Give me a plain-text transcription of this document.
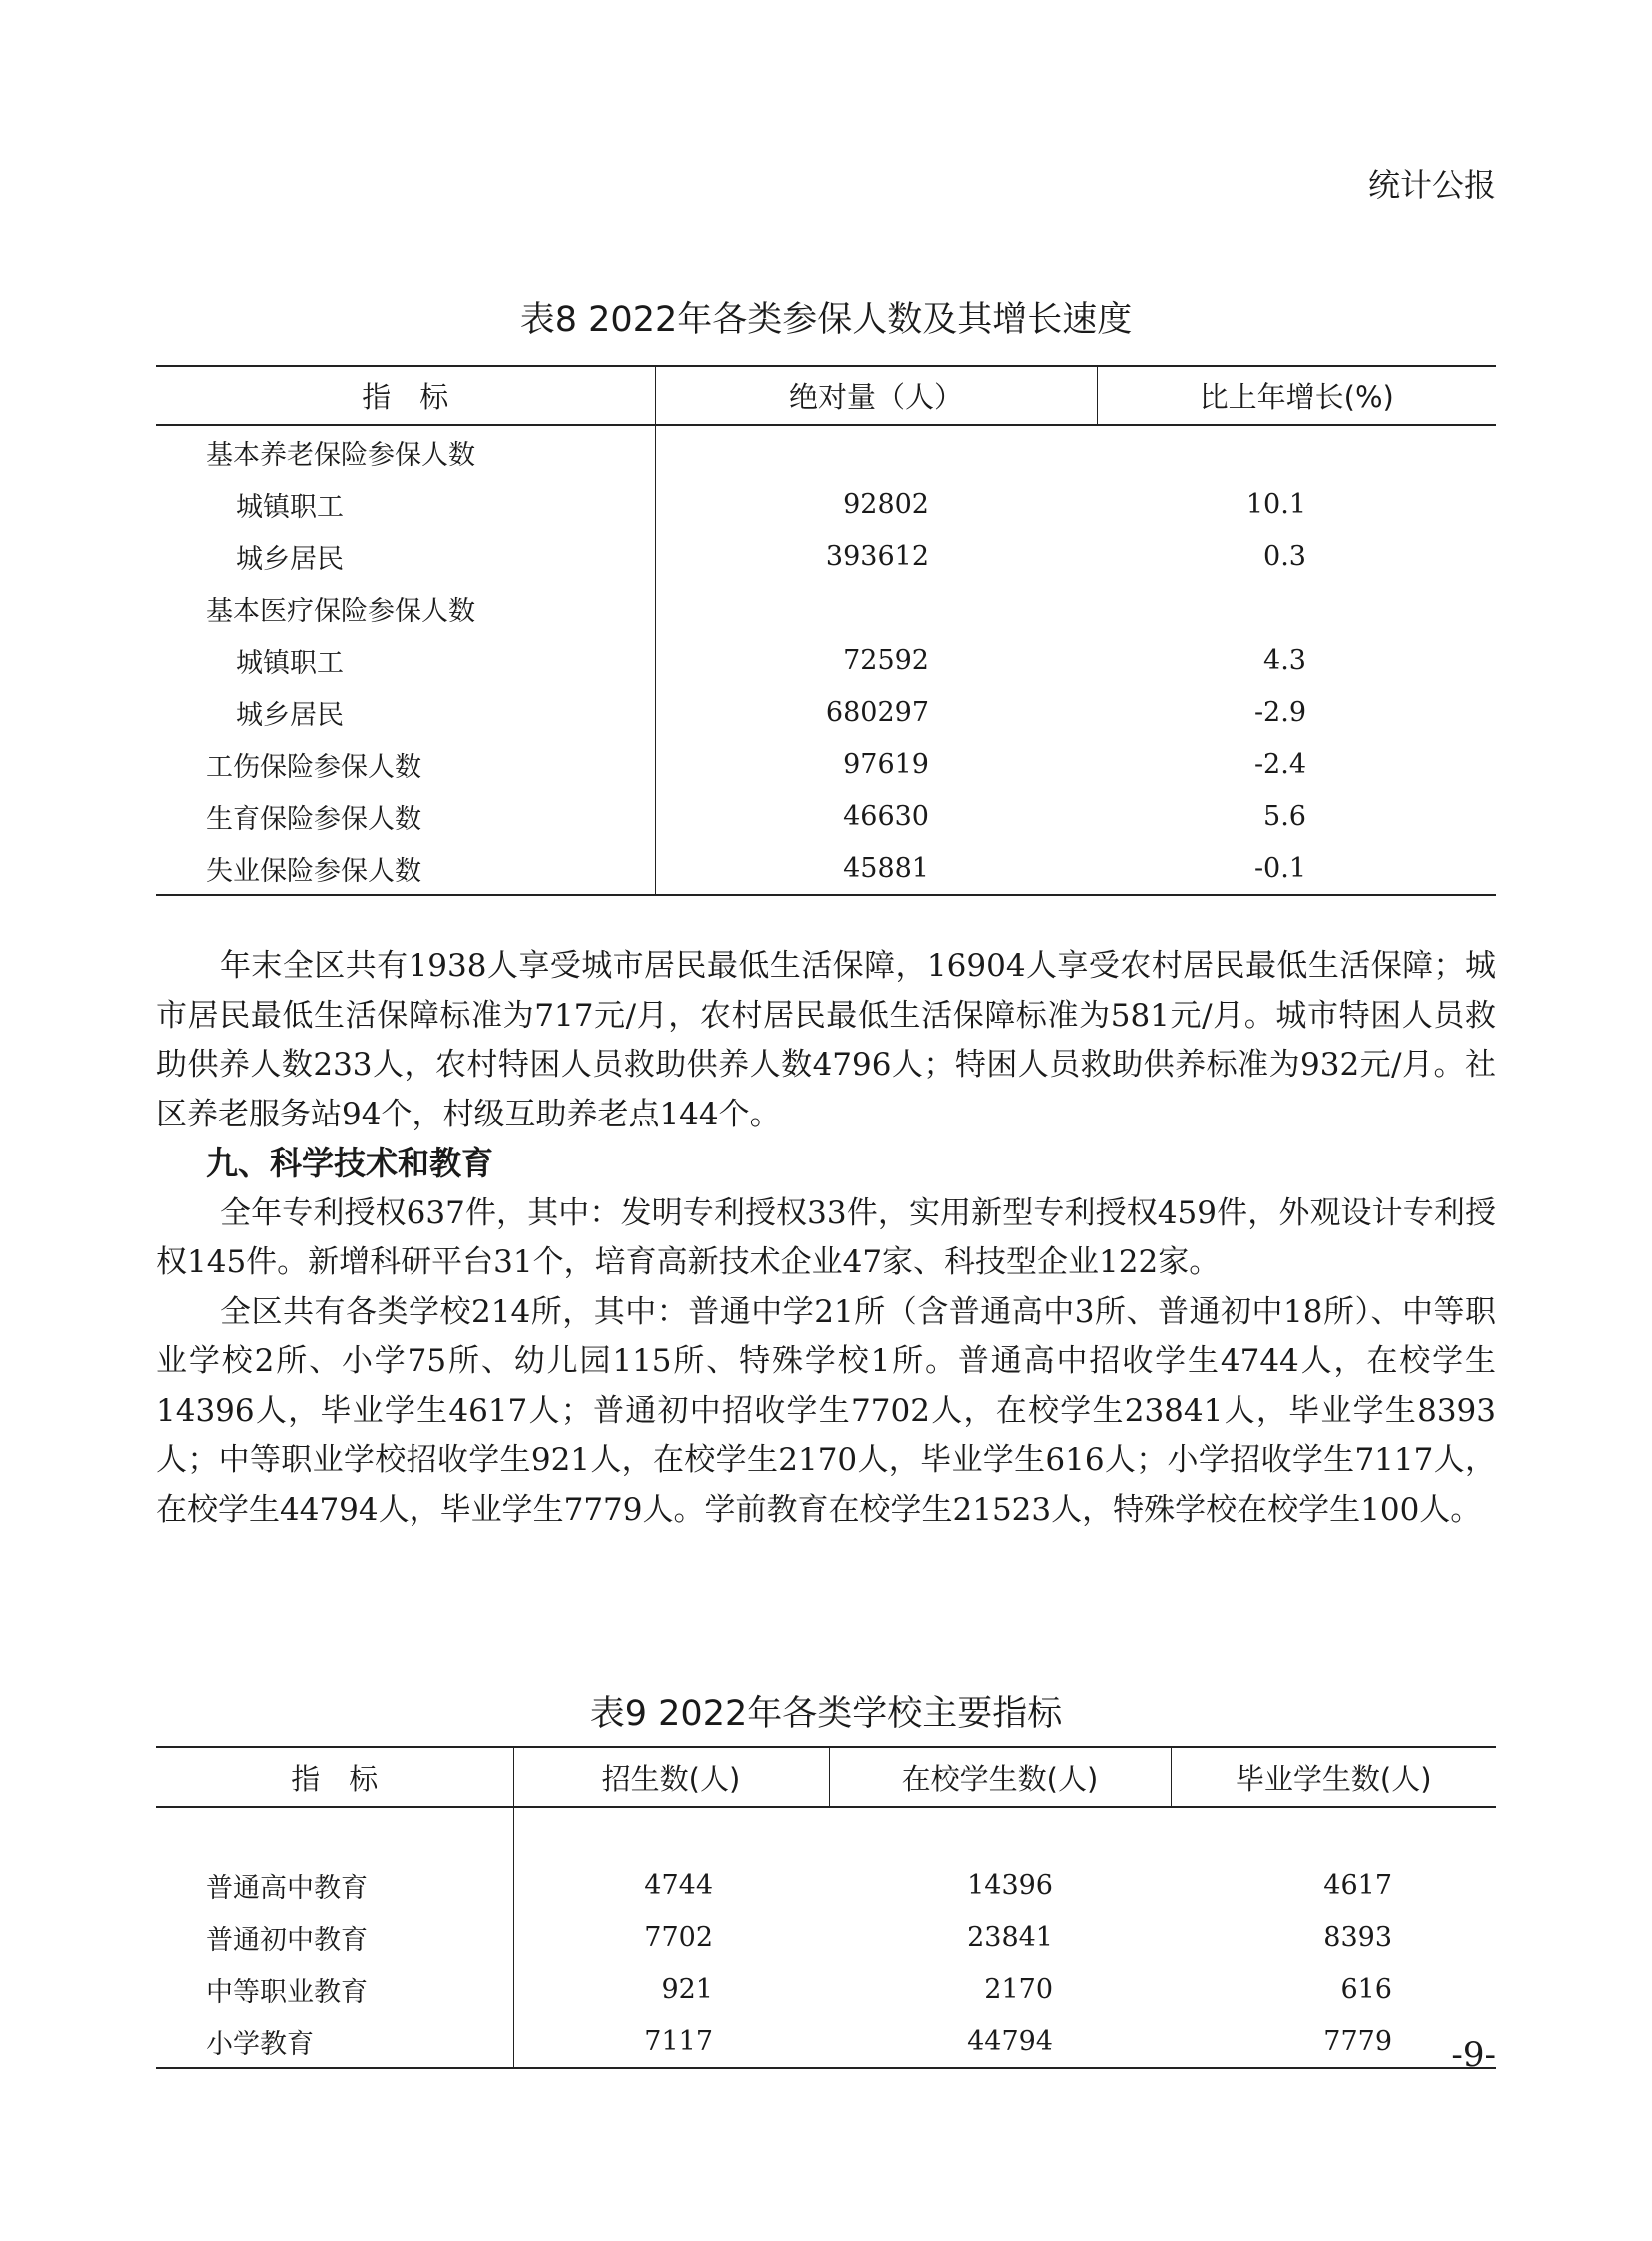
统计公报
表8 2022年各类参保人数及其增长速度
指　标	绝对量（人）	比上年增长(%)
基本养老保险参保人数		
城镇职工	92802	10.1
城乡居民	393612	0.3
基本医疗保险参保人数		
城镇职工	72592	4.3
城乡居民	680297	-2.9
工伤保险参保人数	97619	-2.4
生育保险参保人数	46630	5.6
失业保险参保人数	45881	-0.1

年末全区共有1938人享受城市居民最低生活保障，16904人享受农村居民最低生活保障；城市居民最低生活保障标准为717元/月，农村居民最低生活保障标准为581元/月。城市特困人员救助供养人数233人，农村特困人员救助供养人数4796人；特困人员救助供养标准为932元/月。社区养老服务站94个，村级互助养老点144个。

九、科学技术和教育

全年专利授权637件，其中：发明专利授权33件，实用新型专利授权459件，外观设计专利授权145件。新增科研平台31个，培育高新技术企业47家、科技型企业122家。

全区共有各类学校214所，其中：普通中学21所（含普通高中3所、普通初中18所）、中等职业学校2所、小学75所、幼儿园115所、特殊学校1所。普通高中招收学生4744人，在校学生14396人，毕业学生4617人；普通初中招收学生7702人，在校学生23841人，毕业学生8393人；中等职业学校招收学生921人，在校学生2170人，毕业学生616人；小学招收学生7117人，在校学生44794人，毕业学生7779人。学前教育在校学生21523人，特殊学校在校学生100人。

表9 2022年各类学校主要指标
指　标	招生数(人)	在校学生数(人)	毕业学生数(人)

普通高中教育	4744	14396	4617
普通初中教育	7702	23841	8393
中等职业教育	921	2170	616
小学教育	7117	44794	7779 -9-
